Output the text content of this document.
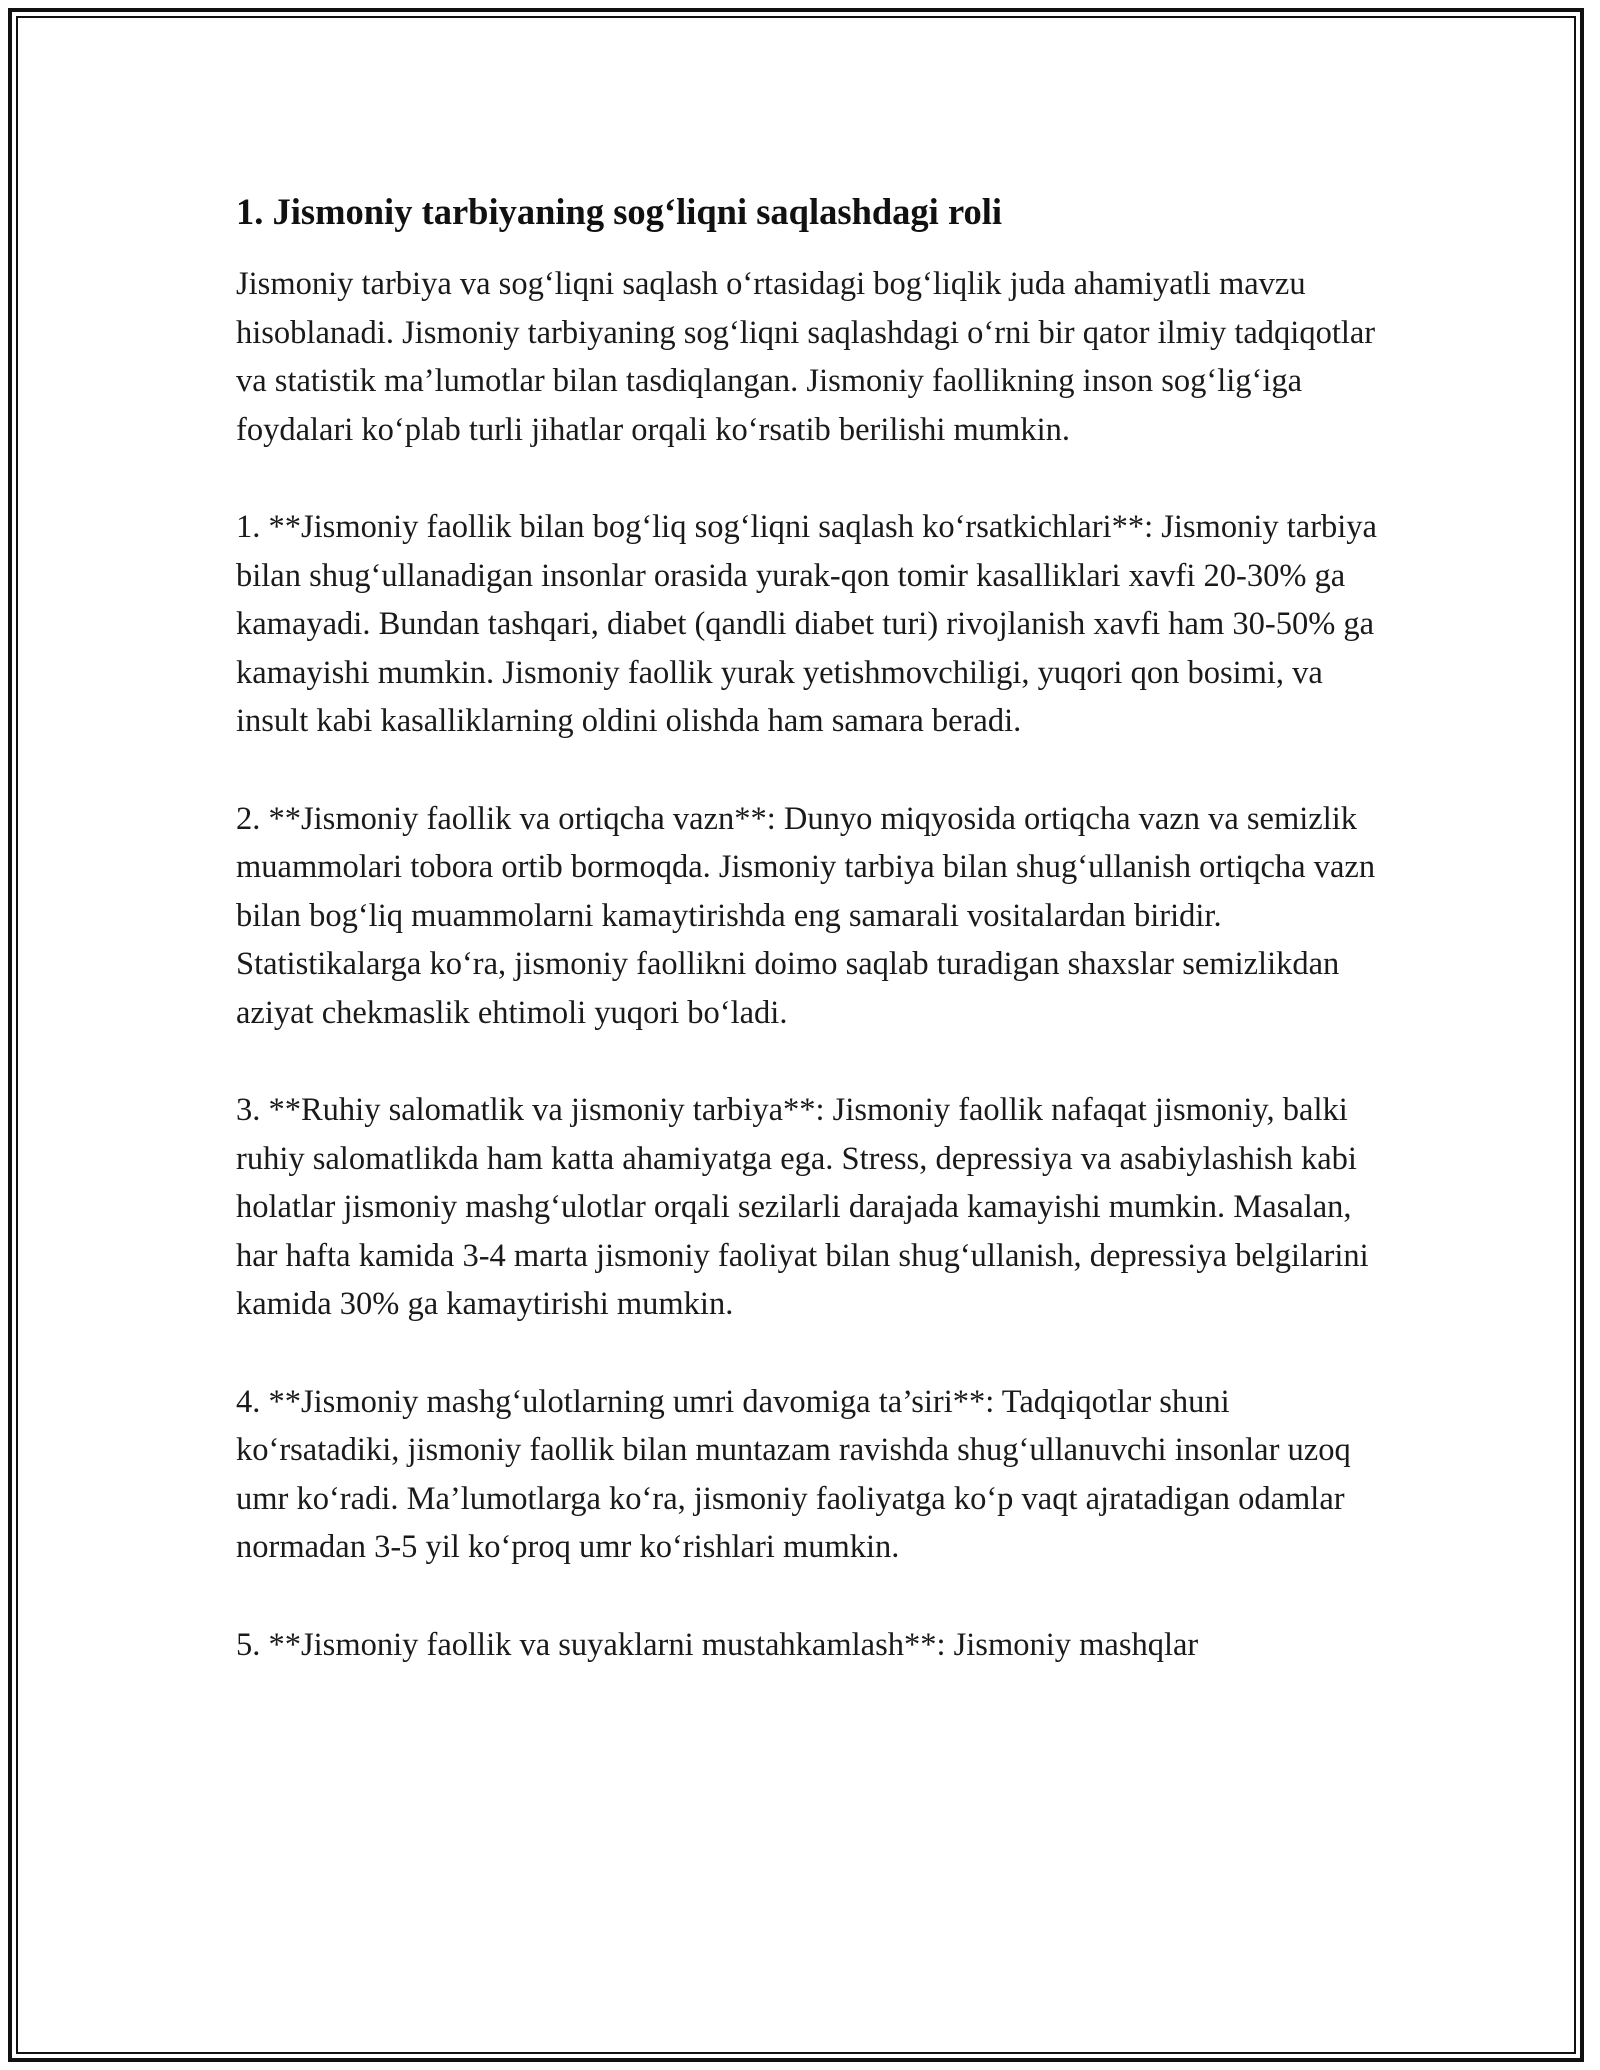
1. Jismoniy tarbiyaning sog‘liqni saqlashdagi roli

Jismoniy tarbiya va sog‘liqni saqlash o‘rtasidagi bog‘liqlik juda ahamiyatli mavzu hisoblanadi. Jismoniy tarbiyaning sog‘liqni saqlashdagi o‘rni bir qator ilmiy tadqiqotlar va statistik ma’lumotlar bilan tasdiqlangan. Jismoniy faollikning inson sog‘lig‘iga foydalari ko‘plab turli jihatlar orqali ko‘rsatib berilishi mumkin.

1. **Jismoniy faollik bilan bog‘liq sog‘liqni saqlash ko‘rsatkichlari**: Jismoniy tarbiya bilan shug‘ullanadigan insonlar orasida yurak-qon tomir kasalliklari xavfi 20-30% ga kamayadi. Bundan tashqari, diabet (qandli diabet turi) rivojlanish xavfi ham 30-50% ga kamayishi mumkin. Jismoniy faollik yurak yetishmovchiligi, yuqori qon bosimi, va insult kabi kasalliklarning oldini olishda ham samara beradi.

2. **Jismoniy faollik va ortiqcha vazn**: Dunyo miqyosida ortiqcha vazn va semizlik muammolari tobora ortib bormoqda. Jismoniy tarbiya bilan shug‘ullanish ortiqcha vazn bilan bog‘liq muammolarni kamaytirishda eng samarali vositalardan biridir. Statistikalarga ko‘ra, jismoniy faollikni doimo saqlab turadigan shaxslar semizlikdan aziyat chekmaslik ehtimoli yuqori bo‘ladi.

3. **Ruhiy salomatlik va jismoniy tarbiya**: Jismoniy faollik nafaqat jismoniy, balki ruhiy salomatlikda ham katta ahamiyatga ega. Stress, depressiya va asabiylashish kabi holatlar jismoniy mashg‘ulotlar orqali sezilarli darajada kamayishi mumkin. Masalan, har hafta kamida 3-4 marta jismoniy faoliyat bilan shug‘ullanish, depressiya belgilarini kamida 30% ga kamaytirishi mumkin.

4. **Jismoniy mashg‘ulotlarning umri davomiga ta’siri**: Tadqiqotlar shuni ko‘rsatadiki, jismoniy faollik bilan muntazam ravishda shug‘ullanuvchi insonlar uzoq umr ko‘radi. Ma’lumotlarga ko‘ra, jismoniy faoliyatga ko‘p vaqt ajratadigan odamlar normadan 3-5 yil ko‘proq umr ko‘rishlari mumkin.

5. **Jismoniy faollik va suyaklarni mustahkamlash**: Jismoniy mashqlar
